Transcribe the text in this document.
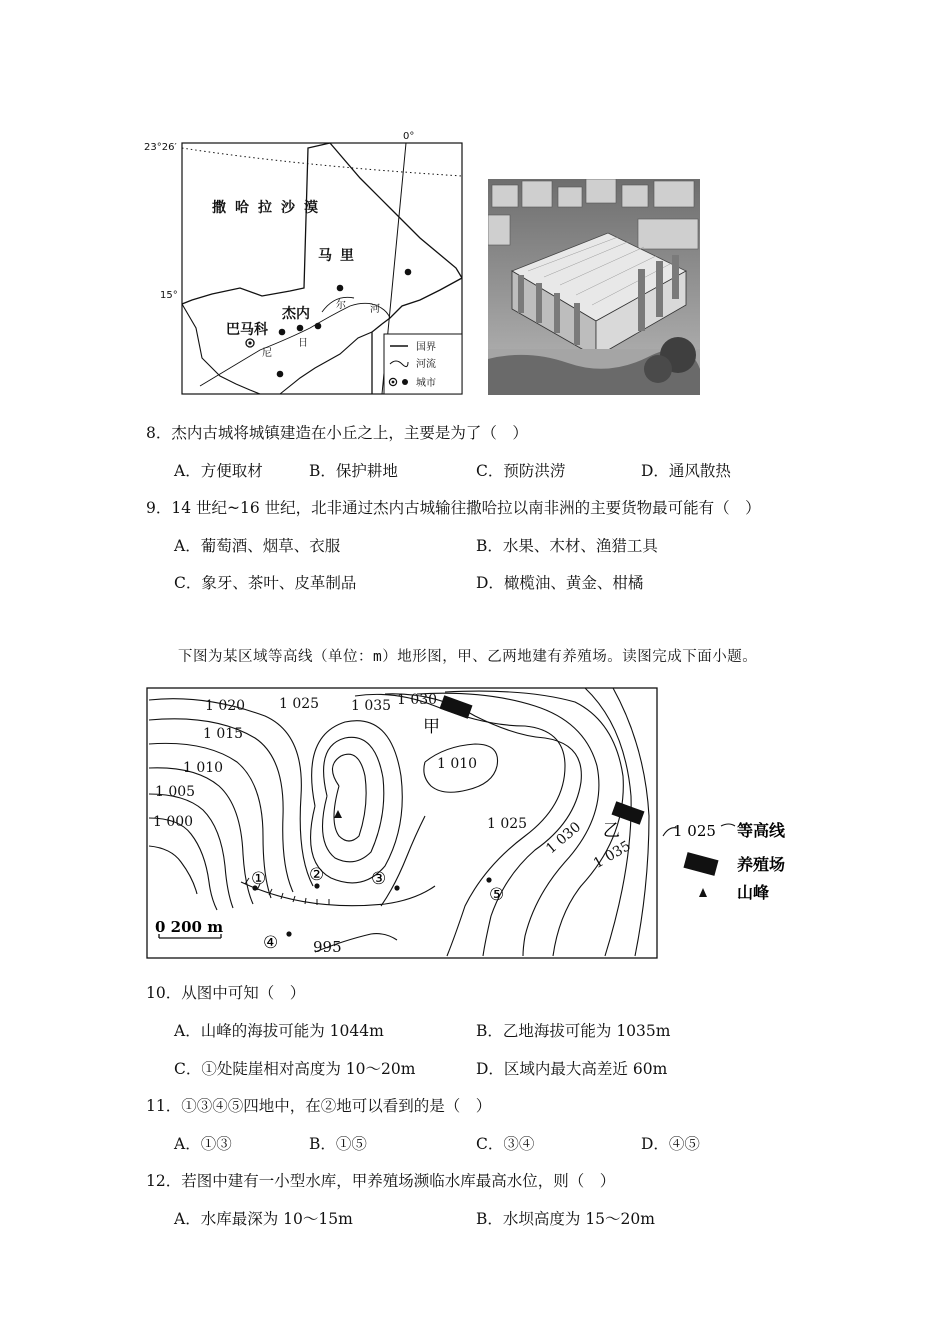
23°26′
15°
0°
撒哈拉沙漠
马里
杰内
巴马科
尔 河
尼
日	国界
河流
城市
8．杰内古城将城镇建造在小丘之上，主要是为了（　）
A．方便取材	B．保护耕地	C．预防洪涝	D．通风散热
9．14 世纪~16 世纪，北非通过杰内古城输往撒哈拉以南非洲的主要货物最可能有（　）
A．葡萄酒、烟草、衣服	B．水果、木材、渔猎工具
C．象牙、茶叶、皮革制品	D．橄榄油、黄金、柑橘
下图为某区域等高线（单位：m）地形图，甲、乙两地建有养殖场。读图完成下面小题。
1 020 1 025 1 035 1 030
1 015
1 010
1 005
1 000
1 010
1 025 1 030 1 035
995
甲
乙
①	②	③
④
⑤
0 200 m
1 025 等高线
养殖场
山峰
10．从图中可知（　）
A．山峰的海拔可能为 1044m	B．乙地海拔可能为 1035m
C．①处陡崖相对高度为 10～20m	D．区域内最大高差近 60m
11．①③④⑤四地中，在②地可以看到的是（　）
A．①③	B．①⑤	C．③④	D．④⑤
12．若图中建有一小型水库，甲养殖场濒临水库最高水位，则（　）
A．水库最深为 10～15m	B．水坝高度为 15～20m
